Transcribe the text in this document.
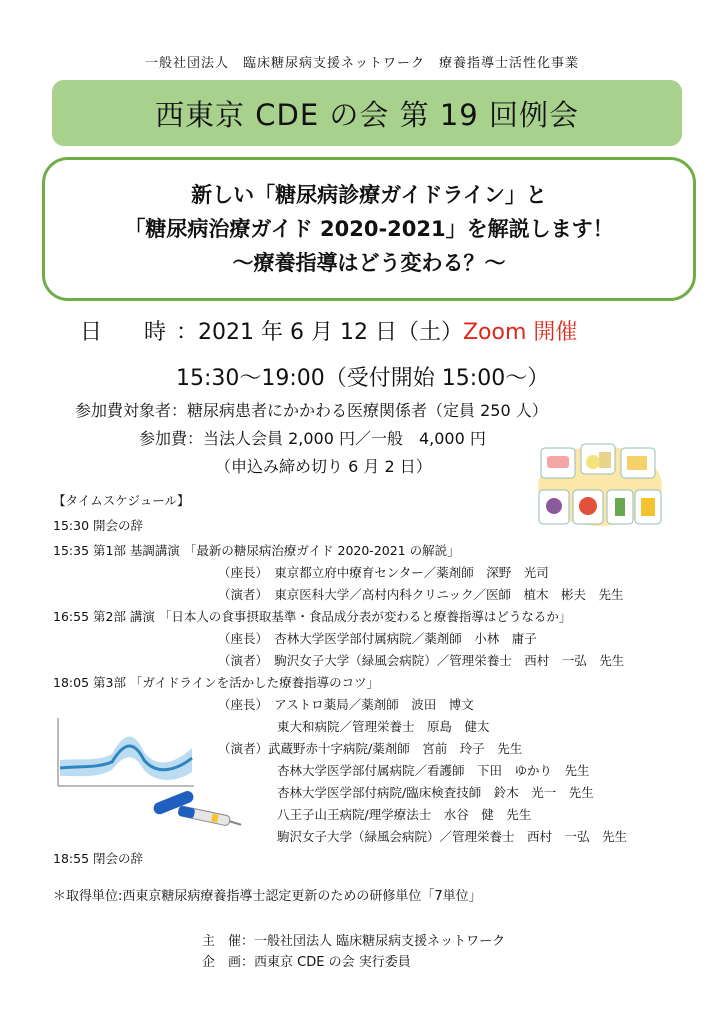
一般社団法人　臨床糖尿病支援ネットワーク　療養指導士活性化事業
西東京 CDE の会 第 19 回例会
新しい「糖尿病診療ガイドライン」と
「糖尿病治療ガイド 2020-2021」を解説します！
～療養指導はどう変わる？～
日　時：2021 年 6 月 12 日（土）Zoom 開催
15:30～19:00（受付開始 15:00～）
参加費対象者：糖尿病患者にかかわる医療関係者（定員 250 人）
参加費：当法人会員 2,000 円／一般　4,000 円
（申込み締め切り 6 月 2 日）
【タイムスケジュール】
15:30 開会の辞
15:35 第1部 基調講演 「最新の糖尿病治療ガイド 2020-2021 の解説」
（座長）　東京都立府中療育センター／薬剤師　深野　光司
（演者）　東京医科大学／高村内科クリニック／医師　植木　彬夫　先生
16:55 第2部 講演 「日本人の食事摂取基準・食品成分表が変わると療養指導はどうなるか」
（座長）　杏林大学医学部付属病院／薬剤師　小林　庸子
（演者）　駒沢女子大学（緑風会病院）／管理栄養士　西村　一弘　先生
18:05 第3部 「ガイドラインを活かした療養指導のコツ」
（座長）　アストロ薬局／薬剤師　波田　博文
東大和病院／管理栄養士　原島　健太
（演者）武蔵野赤十字病院/薬剤師　宮前　玲子　先生
杏林大学医学部付属病院／看護師　下田　ゆかり　先生
杏林大学医学部付病院/臨床検査技師　鈴木　光一　先生
八王子山王病院/理学療法士　水谷　健　先生
駒沢女子大学（緑風会病院）／管理栄養士　西村　一弘　先生
18:55 閉会の辞
＊取得単位:西東京糖尿病療養指導士認定更新のための研修単位「7単位」
主　催：一般社団法人 臨床糖尿病支援ネットワーク
企　画：西東京 CDE の会 実行委員
